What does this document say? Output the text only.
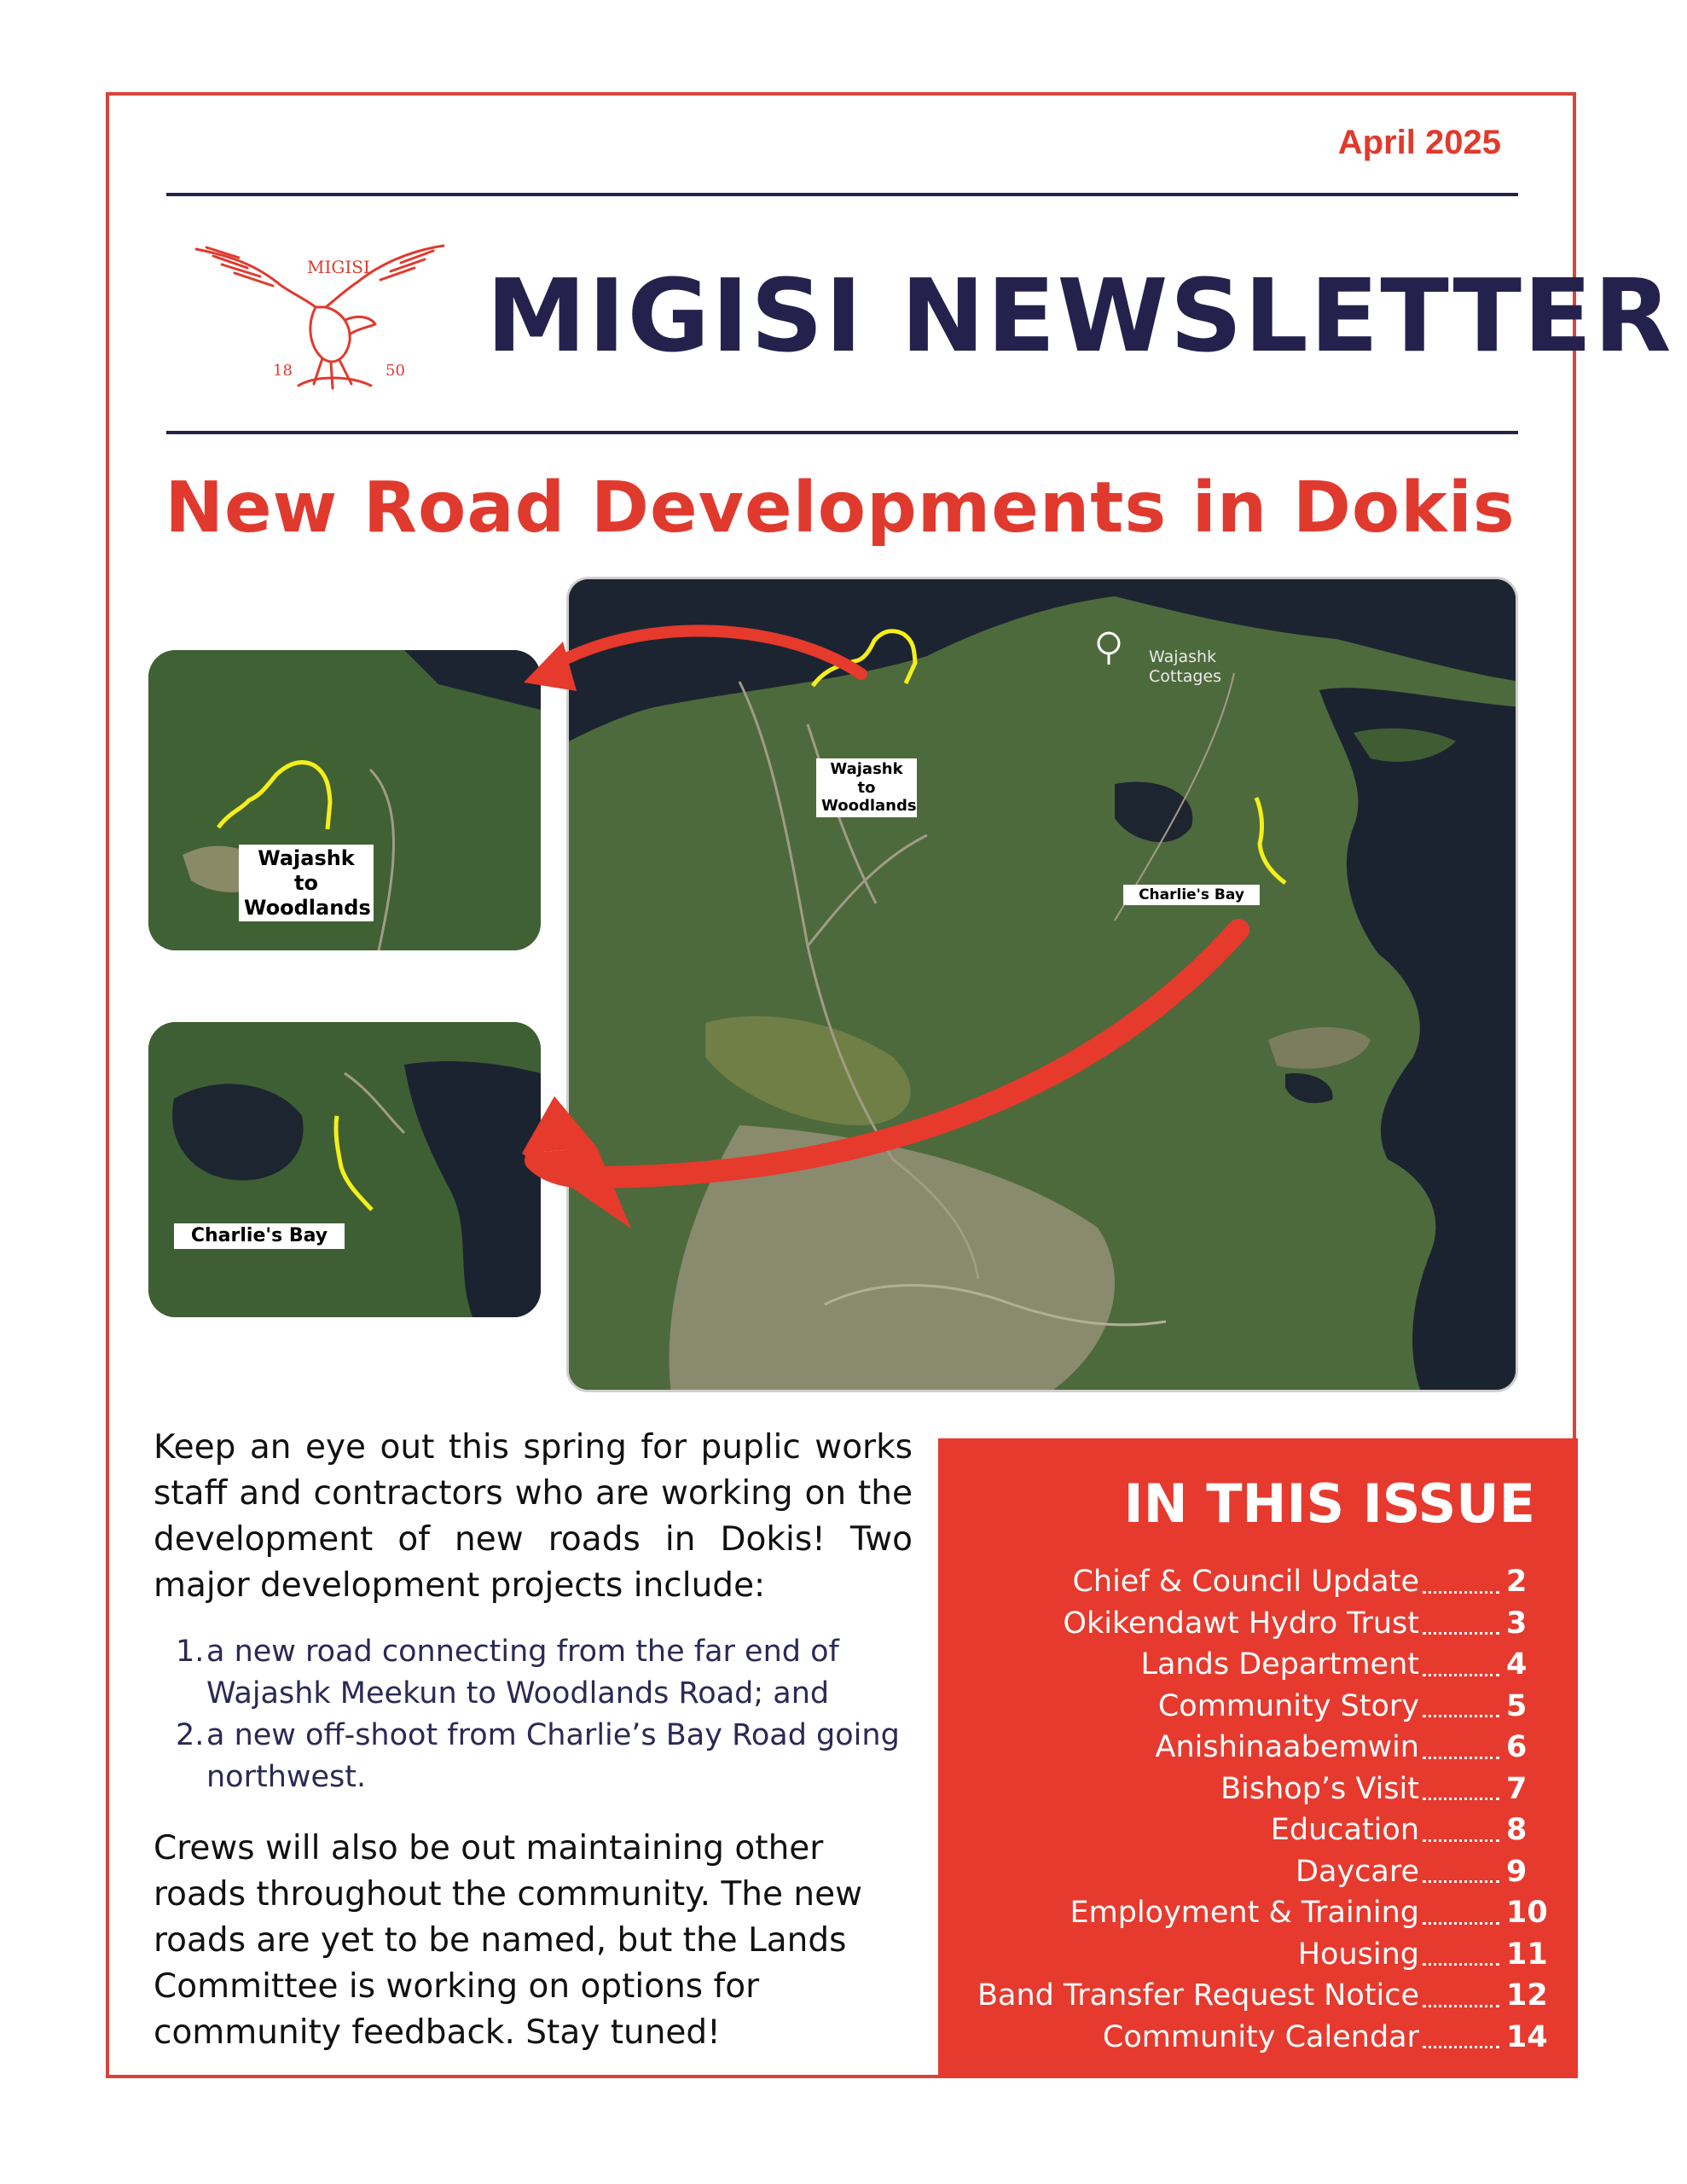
April 2025
MIGISI
18	50 MIGISI NEWSLETTER
New Road Developments in Dokis
Wajashk Cottages
Wajashk to Woodlands
Charlie's Bay
Wajashk to Woodlands
Charlie's Bay

Keep an eye out this spring for puplic works staff and contractors who are working on the development of new roads in Dokis! Two major development projects include:

1. a new road connecting from the far end of Wajashk Meekun to Woodlands Road; and
2. a new off-shoot from Charlie’s Bay Road going northwest.

Crews will also be out maintaining other roads throughout the community. The new roads are yet to be named, but the Lands Committee is working on options for community feedback. Stay tuned!

IN THIS ISSUE
Chief & Council Update	2
Okikendawt Hydro Trust	3
Lands Department	4
Community Story	5
Anishinaabemwin	6
Bishop’s Visit	7
Education	8
Daycare	9
Employment & Training	10
Housing	11
Band Transfer Request Notice	12
Community Calendar	14
